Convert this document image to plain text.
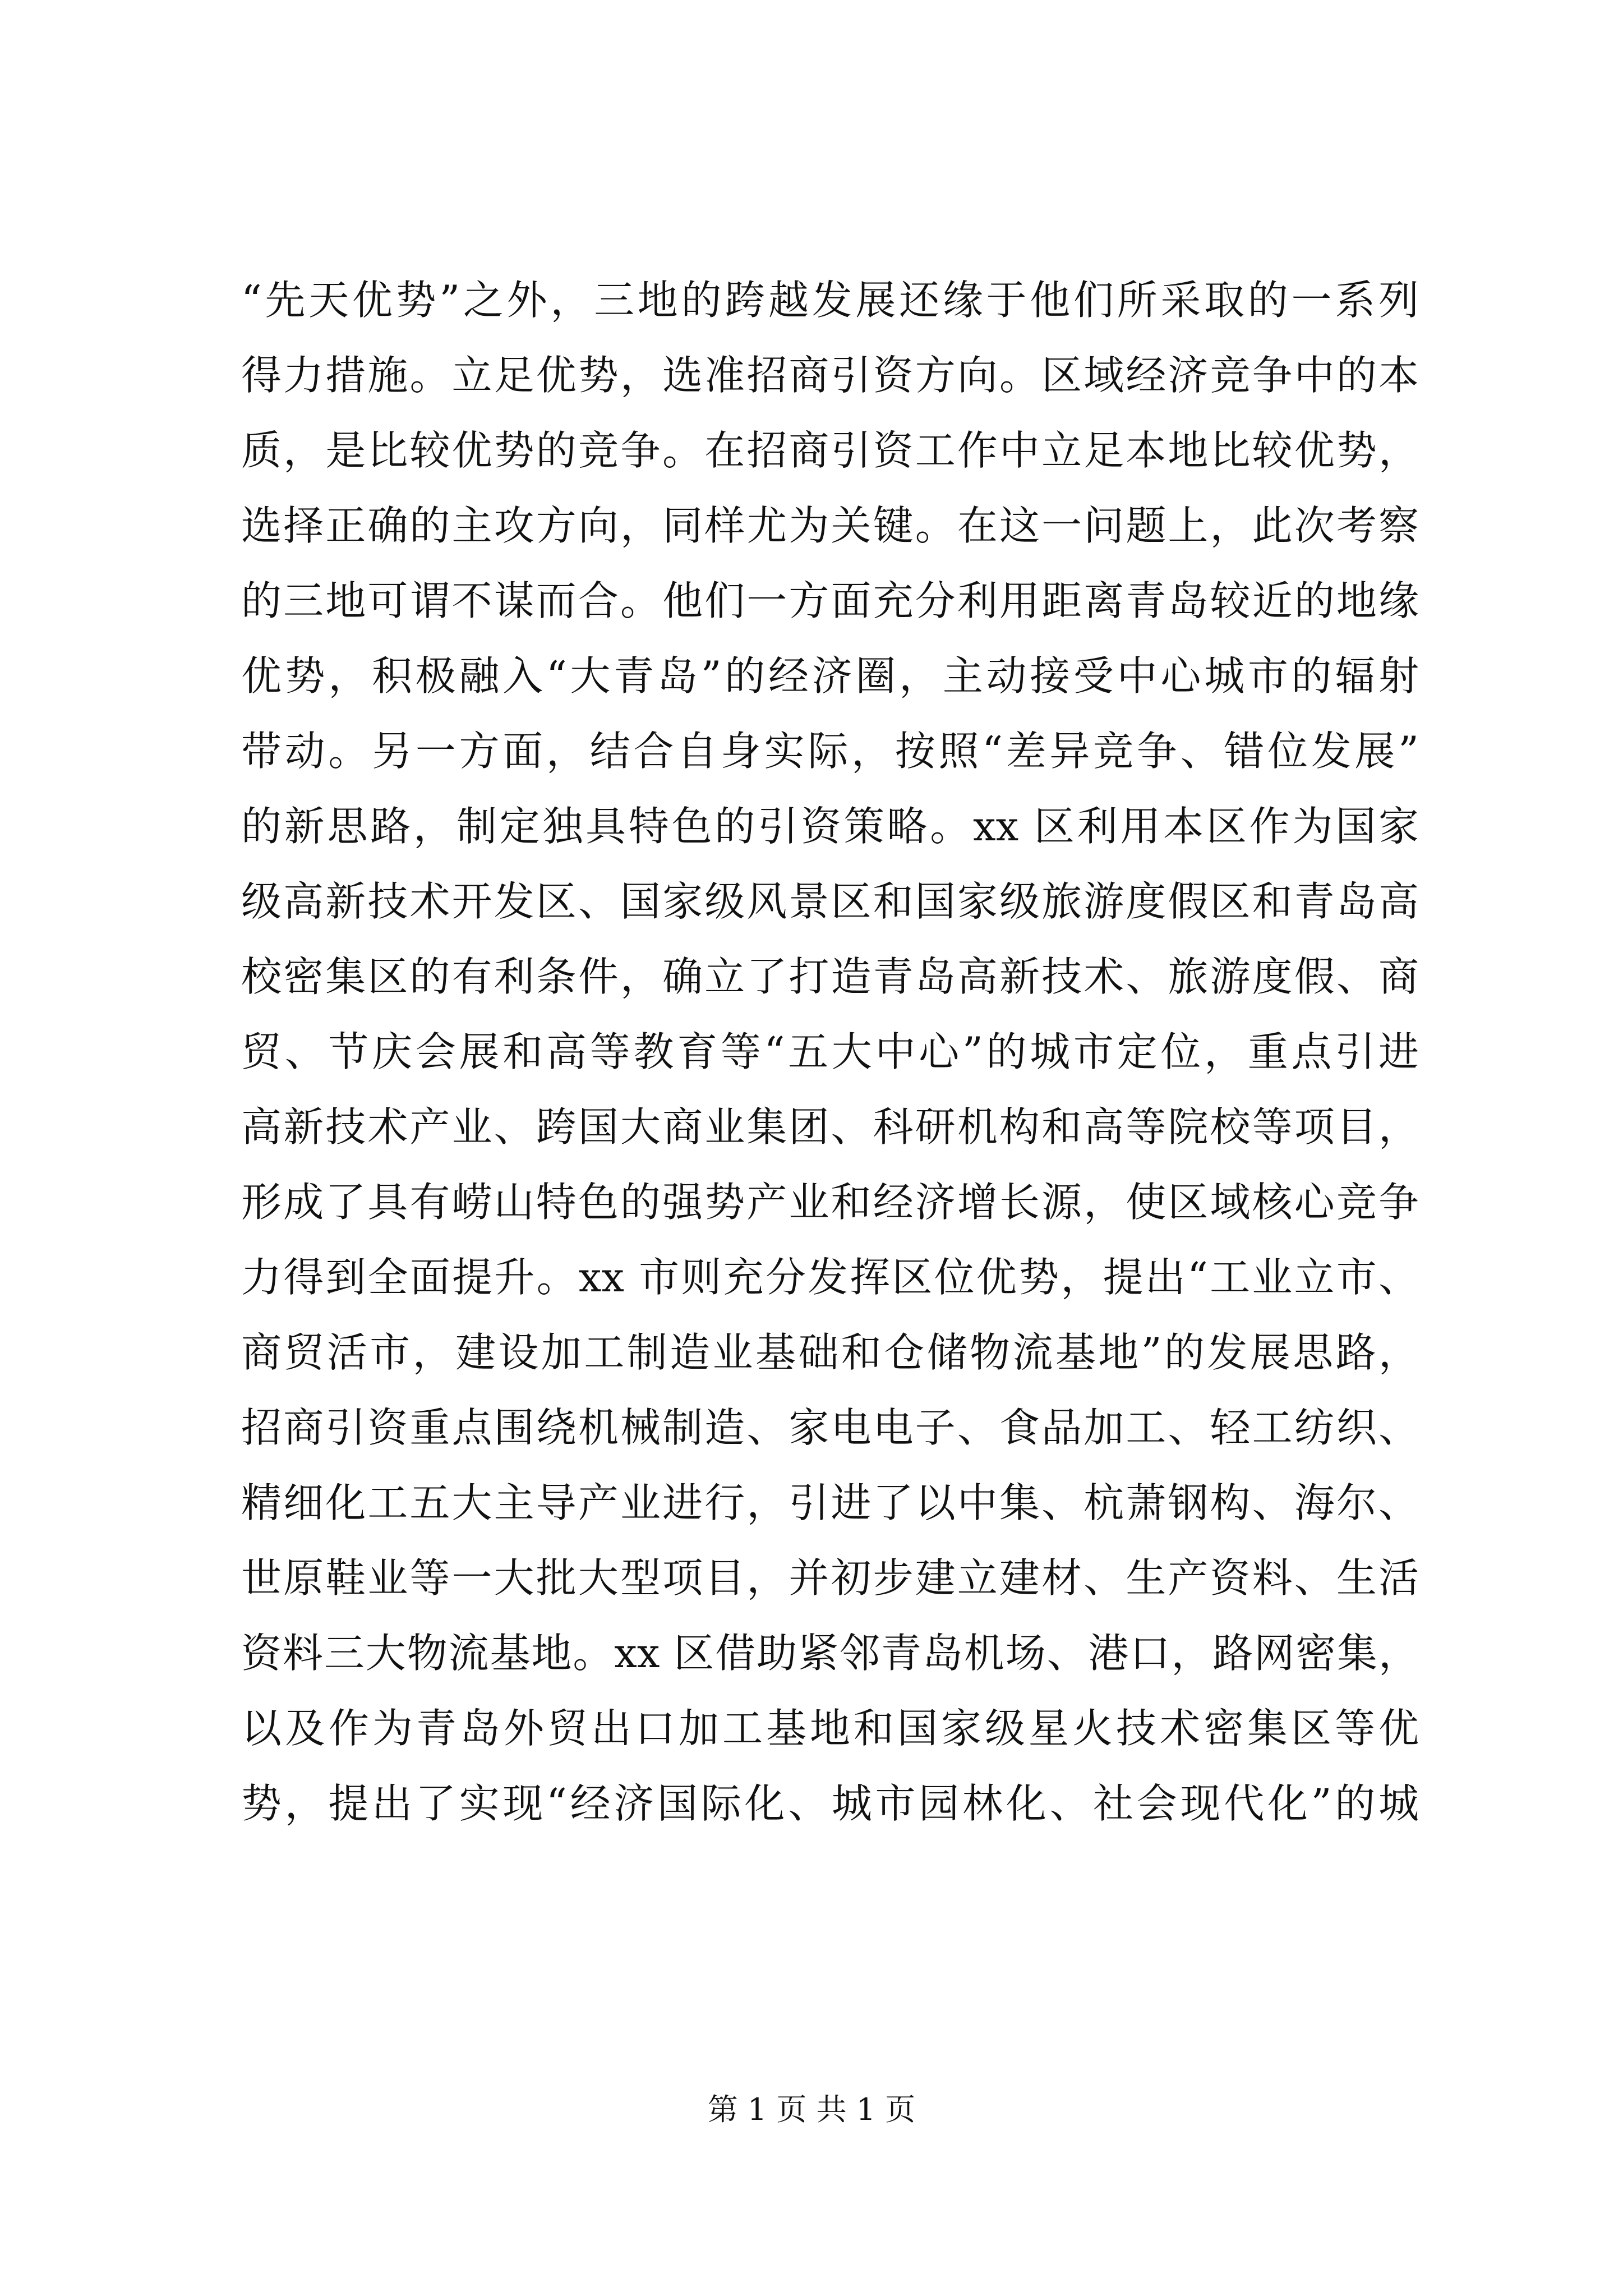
“先天优势”之外，三地的跨越发展还缘于他们所采取的一系列
得力措施。立足优势，选准招商引资方向。区域经济竞争中的本
质，是比较优势的竞争。在招商引资工作中立足本地比较优势，
选择正确的主攻方向，同样尤为关键。在这一问题上，此次考察
的三地可谓不谋而合。他们一方面充分利用距离青岛较近的地缘
优势，积极融入“大青岛”的经济圈，主动接受中心城市的辐射
带动。另一方面，结合自身实际，按照“差异竞争、错位发展”
的新思路，制定独具特色的引资策略。xx 区利用本区作为国家
级高新技术开发区、国家级风景区和国家级旅游度假区和青岛高
校密集区的有利条件，确立了打造青岛高新技术、旅游度假、商
贸、节庆会展和高等教育等“五大中心”的城市定位，重点引进
高新技术产业、跨国大商业集团、科研机构和高等院校等项目，
形成了具有崂山特色的强势产业和经济增长源，使区域核心竞争
力得到全面提升。xx 市则充分发挥区位优势，提出“工业立市、
商贸活市，建设加工制造业基础和仓储物流基地”的发展思路，
招商引资重点围绕机械制造、家电电子、食品加工、轻工纺织、
精细化工五大主导产业进行，引进了以中集、杭萧钢构、海尔、
世原鞋业等一大批大型项目，并初步建立建材、生产资料、生活
资料三大物流基地。xx 区借助紧邻青岛机场、港口，路网密集，
以及作为青岛外贸出口加工基地和国家级星火技术密集区等优
势，提出了实现“经济国际化、城市园林化、社会现代化”的城
第 1 页 共 1 页
